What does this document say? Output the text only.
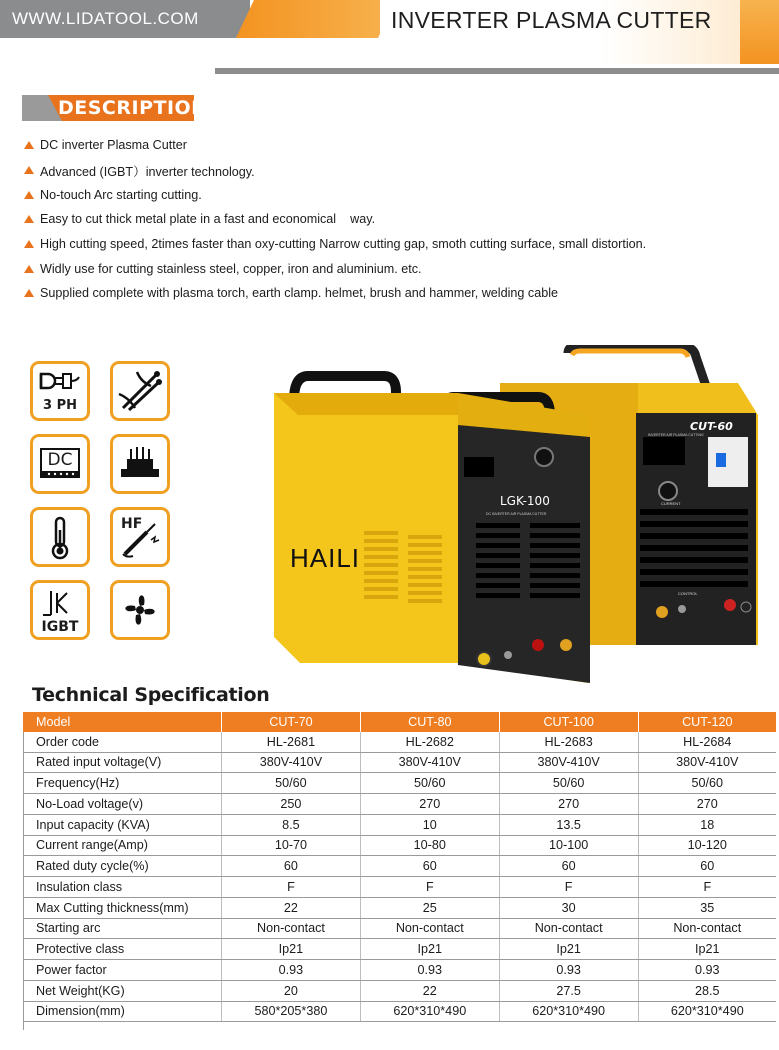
WWW.LIDATOOL.COM	INVERTER PLASMA CUTTER
DESCRIPTION
DC inverter Plasma Cutter
Advanced (IGBT）inverter technology.
No-touch Arc starting cutting.
Easy to cut thick metal plate in a fast and economical    way.
High cutting speed, 2times faster than oxy-cutting Narrow cutting gap, smoth cutting surface, small distortion.
Widly use for cutting stainless steel, copper, iron and aluminium. etc.
Supplied complete with plasma torch, earth clamp. helmet, brush and hammer, welding cable
3 PH
DC
HF
IGBT
CUT-60
INVERTER AIR PLASMA CUTTING
CONTROL
CURRENT
HAILI
LGK-100
DC INVERTER AIR PLASMA CUTTER
Technical Specification
Model	CUT-70	CUT-80	CUT-100	CUT-120
Order code	HL-2681	HL-2682	HL-2683	HL-2684
Rated input voltage(V)	380V-410V	380V-410V	380V-410V	380V-410V
Frequency(Hz)	50/60	50/60	50/60	50/60
No-Load voltage(v)	250	270	270	270
Input capacity (KVA)	8.5	10	13.5	18
Current range(Amp)	10-70	10-80	10-100	10-120
Rated duty cycle(%)	60	60	60	60
Insulation class	F	F	F	F
Max Cutting thickness(mm)	22	25	30	35
Starting arc	Non-contact	Non-contact	Non-contact	Non-contact
Protective class	Ip21	Ip21	Ip21	Ip21
Power factor	0.93	0.93	0.93	0.93
Net Weight(KG)	20	22	27.5	28.5
Dimension(mm)	580*205*380	620*310*490	620*310*490	620*310*490
